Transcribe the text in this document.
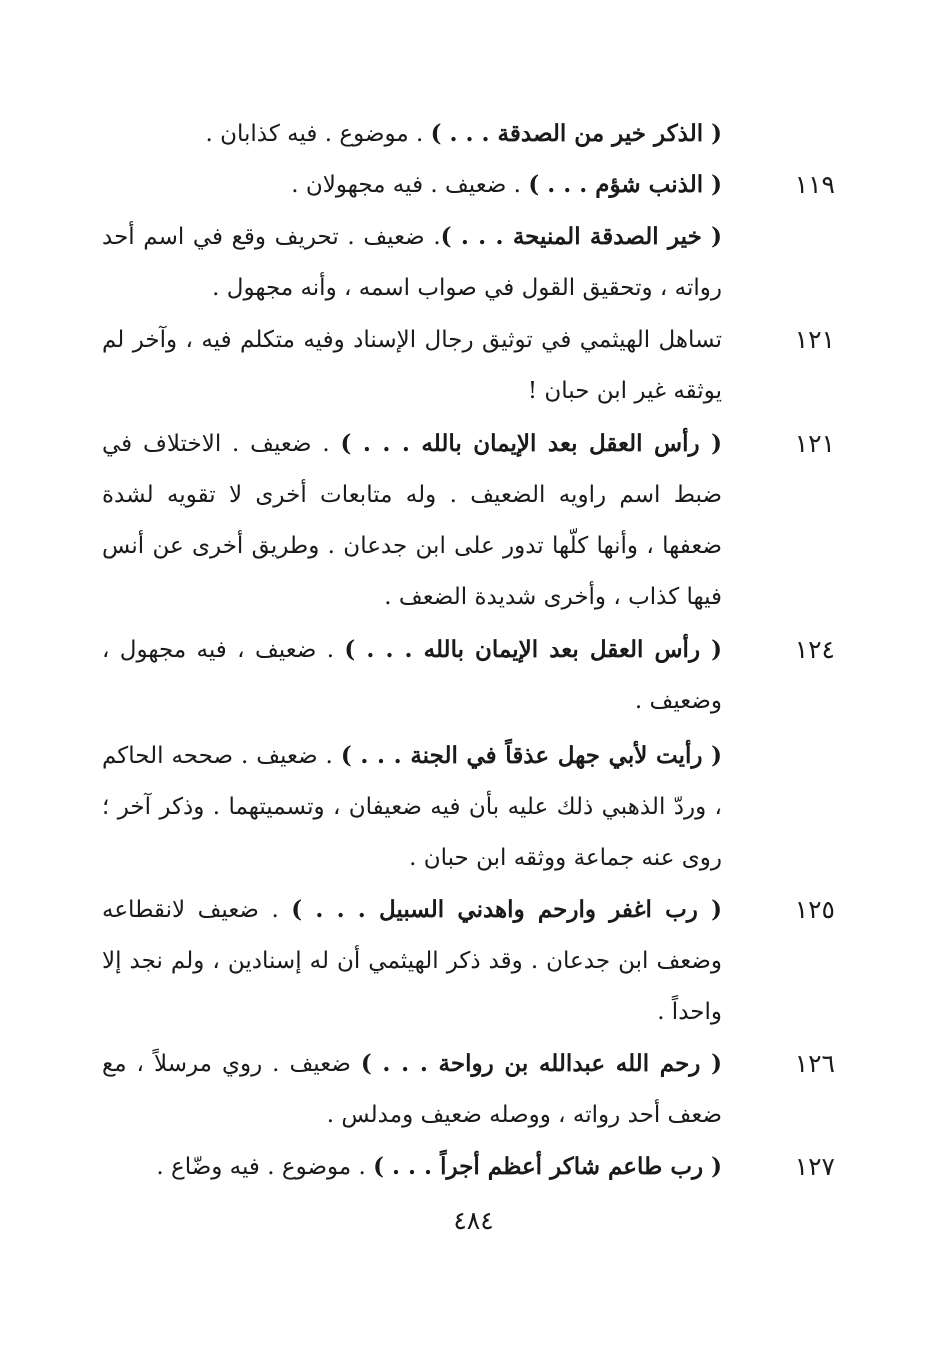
( الذكر خير من الصدقة . . . ) . موضوع . فيه كذابان .
١١٩
( الذنب شؤم . . . ) . ضعيف . فيه مجهولان .
( خير الصدقة المنيحة . . . ). ضعيف . تحريف وقع في اسم أحد رواته ، وتحقيق القول في صواب اسمه ، وأنه مجهول .
١٢١
تساهل الهيثمي في توثيق رجال الإسناد وفيه متكلم فيه ، وآخر لم يوثقه غير ابن حبان !
١٢١
( رأس العقل بعد الإيمان بالله . . . ) . ضعيف . الاختلاف في ضبط اسم راويه الضعيف . وله متابعات أخرى لا تقويه لشدة ضعفها ، وأنها كلّها تدور على ابن جدعان . وطريق أخرى عن أنس فيها كذاب ، وأخرى شديدة الضعف .
١٢٤
( رأس العقل بعد الإيمان بالله . . . ) . ضعيف ، فيه مجهول ، وضعيف .
( رأيت لأبي جهل عذقاً في الجنة . . . ) . ضعيف . صححه الحاكم ، وردّ الذهبي ذلك عليه بأن فيه ضعيفان ، وتسميتهما . وذكر آخر ؛ روى عنه جماعة ووثقه ابن حبان .
١٢٥
( رب اغفر وارحم واهدني السبيل . . . ) . ضعيف لانقطاعه وضعف ابن جدعان . وقد ذكر الهيثمي أن له إسنادين ، ولم نجد إلا واحداً .
١٢٦
( رحم الله عبدالله بن رواحة . . . ) ضعيف . روي مرسلاً ، مع ضعف أحد رواته ، ووصله ضعيف ومدلس .
١٢٧
( رب طاعم شاكر أعظم أجراً . . . ) . موضوع . فيه وضّاع .
٤٨٤
